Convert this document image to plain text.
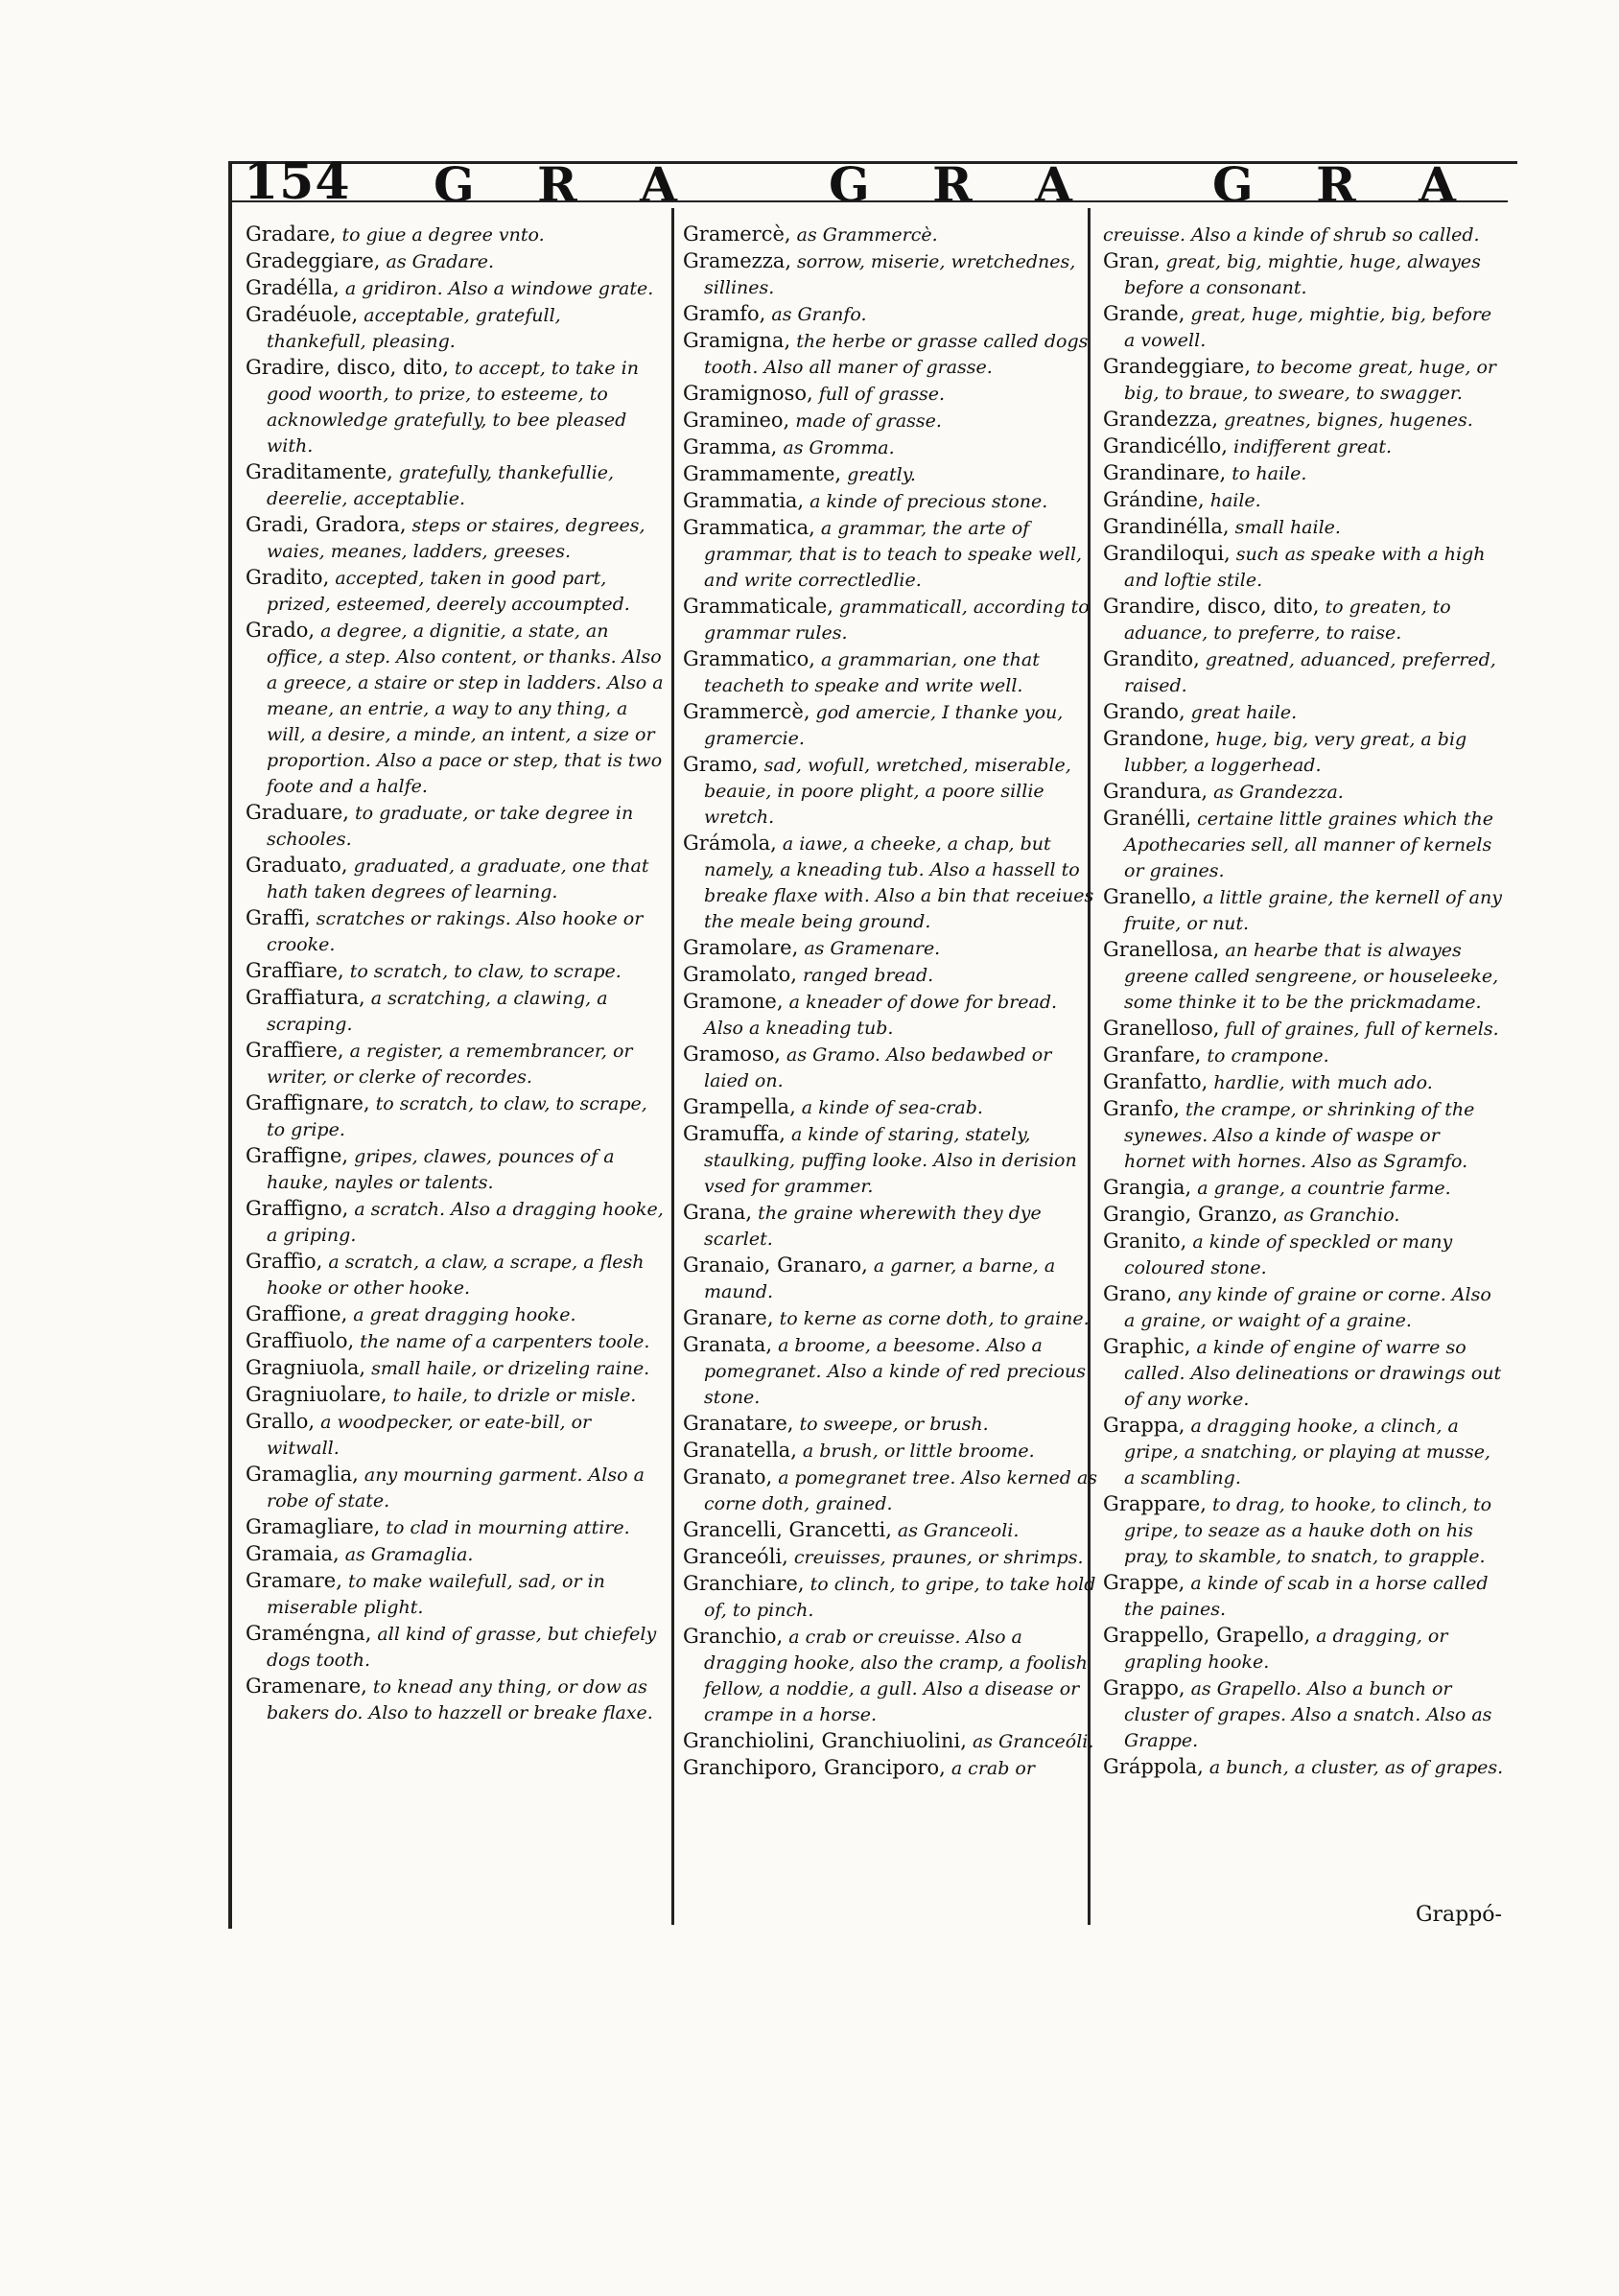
154 G R A	G R A G R A

Gradare, to giue a degree vnto.

Gradeggiare, as Gradare.

Gradélla, a gridiron. Also a windowe grate.

Gradéuole, acceptable, gratefull, thankefull, pleasing.

Gradire, disco, dito, to accept, to take in good woorth, to prize, to esteeme, to acknowledge gratefully, to bee pleased with.

Graditamente, gratefully, thankefullie, deerelie, acceptablie.

Gradi, Gradora, steps or staires, degrees, waies, meanes, ladders, greeses.

Gradito, accepted, taken in good part, prized, esteemed, deerely accoumpted.

Grado, a degree, a dignitie, a state, an office, a step. Also content, or thanks. Also a greece, a staire or step in ladders. Also a meane, an entrie, a way to any thing, a will, a desire, a minde, an intent, a size or proportion. Also a pace or step, that is two foote and a halfe.

Graduare, to graduate, or take degree in schooles.

Graduato, graduated, a graduate, one that hath taken degrees of learning.

Graffi, scratches or rakings. Also hooke or crooke.

Graffiare, to scratch, to claw, to scrape.

Graffiatura, a scratching, a clawing, a scraping.

Graffiere, a register, a remembrancer, or writer, or clerke of recordes.

Graffignare, to scratch, to claw, to scrape, to gripe.

Graffigne, gripes, clawes, pounces of a hauke, nayles or talents.

Graffigno, a scratch. Also a dragging hooke, a griping.

Graffio, a scratch, a claw, a scrape, a flesh hooke or other hooke.

Graffione, a great dragging hooke.

Graffiuolo, the name of a carpenters toole.

Gragniuola, small haile, or drizeling raine.

Gragniuolare, to haile, to drizle or misle.

Grallo, a woodpecker, or eate-bill, or witwall.

Gramaglia, any mourning garment. Also a robe of state.

Gramagliare, to clad in mourning attire.

Gramaia, as Gramaglia.

Gramare, to make wailefull, sad, or in miserable plight.

Graméngna, all kind of grasse, but chiefely dogs tooth.

Gramenare, to knead any thing, or dow as bakers do. Also to hazzell or breake flaxe.

Gramercè, as Grammercè.

Gramezza, sorrow, miserie, wretchednes, sillines.

Gramfo, as Granfo.

Gramigna, the herbe or grasse called dogs tooth. Also all maner of grasse.

Gramignoso, full of grasse.

Gramineo, made of grasse.

Gramma, as Gromma.

Grammamente, greatly.

Grammatia, a kinde of precious stone.

Grammatica, a grammar, the arte of grammar, that is to teach to speake well, and write correctledlie.

Grammaticale, grammaticall, according to grammar rules.

Grammatico, a grammarian, one that teacheth to speake and write well.

Grammercè, god amercie, I thanke you, gramercie.

Gramo, sad, wofull, wretched, miserable, beauie, in poore plight, a poore sillie wretch.

Grámola, a iawe, a cheeke, a chap, but namely, a kneading tub. Also a hassell to breake flaxe with. Also a bin that receiues the meale being ground.

Gramolare, as Gramenare.

Gramolato, ranged bread.

Gramone, a kneader of dowe for bread. Also a kneading tub.

Gramoso, as Gramo. Also bedawbed or laied on.

Grampella, a kinde of sea-crab.

Gramuffa, a kinde of staring, stately, staulking, puffing looke. Also in derision vsed for grammer.

Grana, the graine wherewith they dye scarlet.

Granaio, Granaro, a garner, a barne, a maund.

Granare, to kerne as corne doth, to graine.

Granata, a broome, a beesome. Also a pomegranet. Also a kinde of red precious stone.

Granatare, to sweepe, or brush.

Granatella, a brush, or little broome.

Granato, a pomegranet tree. Also kerned as corne doth, grained.

Grancelli, Grancetti, as Granceoli.

Granceóli, creuisses, praunes, or shrimps.

Granchiare, to clinch, to gripe, to take hold of, to pinch.

Granchio, a crab or creuisse. Also a dragging hooke, also the cramp, a foolish fellow, a noddie, a gull. Also a disease or crampe in a horse.

Granchiolini, Granchiuolini, as Granceóli.

Granchiporo, Granciporo, a crab or

creuisse. Also a kinde of shrub so called.

Gran, great, big, mightie, huge, alwayes before a consonant.

Grande, great, huge, mightie, big, before a vowell.

Grandeggiare, to become great, huge, or big, to braue, to sweare, to swagger.

Grandezza, greatnes, bignes, hugenes.

Grandicéllo, indifferent great.

Grandinare, to haile.

Grándine, haile.

Grandinélla, small haile.

Grandiloqui, such as speake with a high and loftie stile.

Grandire, disco, dito, to greaten, to aduance, to preferre, to raise.

Grandito, greatned, aduanced, preferred, raised.

Grando, great haile.

Grandone, huge, big, very great, a big lubber, a loggerhead.

Grandura, as Grandezza.

Granélli, certaine little graines which the Apothecaries sell, all manner of kernels or graines.

Granello, a little graine, the kernell of any fruite, or nut.

Granellosa, an hearbe that is alwayes greene called sengreene, or houseleeke, some thinke it to be the prickmadame.

Granelloso, full of graines, full of kernels.

Granfare, to crampone.

Granfatto, hardlie, with much ado.

Granfo, the crampe, or shrinking of the synewes. Also a kinde of waspe or hornet with hornes. Also as Sgramfo.

Grangia, a grange, a countrie farme.

Grangio, Granzo, as Granchio.

Granito, a kinde of speckled or many coloured stone.

Grano, any kinde of graine or corne. Also a graine, or waight of a graine.

Graphic, a kinde of engine of warre so called. Also delineations or drawings out of any worke.

Grappa, a dragging hooke, a clinch, a gripe, a snatching, or playing at musse, a scambling.

Grappare, to drag, to hooke, to clinch, to gripe, to seaze as a hauke doth on his pray, to skamble, to snatch, to grapple.

Grappe, a kinde of scab in a horse called the paines.

Grappello, Grapello, a dragging, or grapling hooke.

Grappo, as Grapello. Also a bunch or cluster of grapes. Also a snatch. Also as Grappe.

Gráppola, a bunch, a cluster, as of grapes.

Grappó-
